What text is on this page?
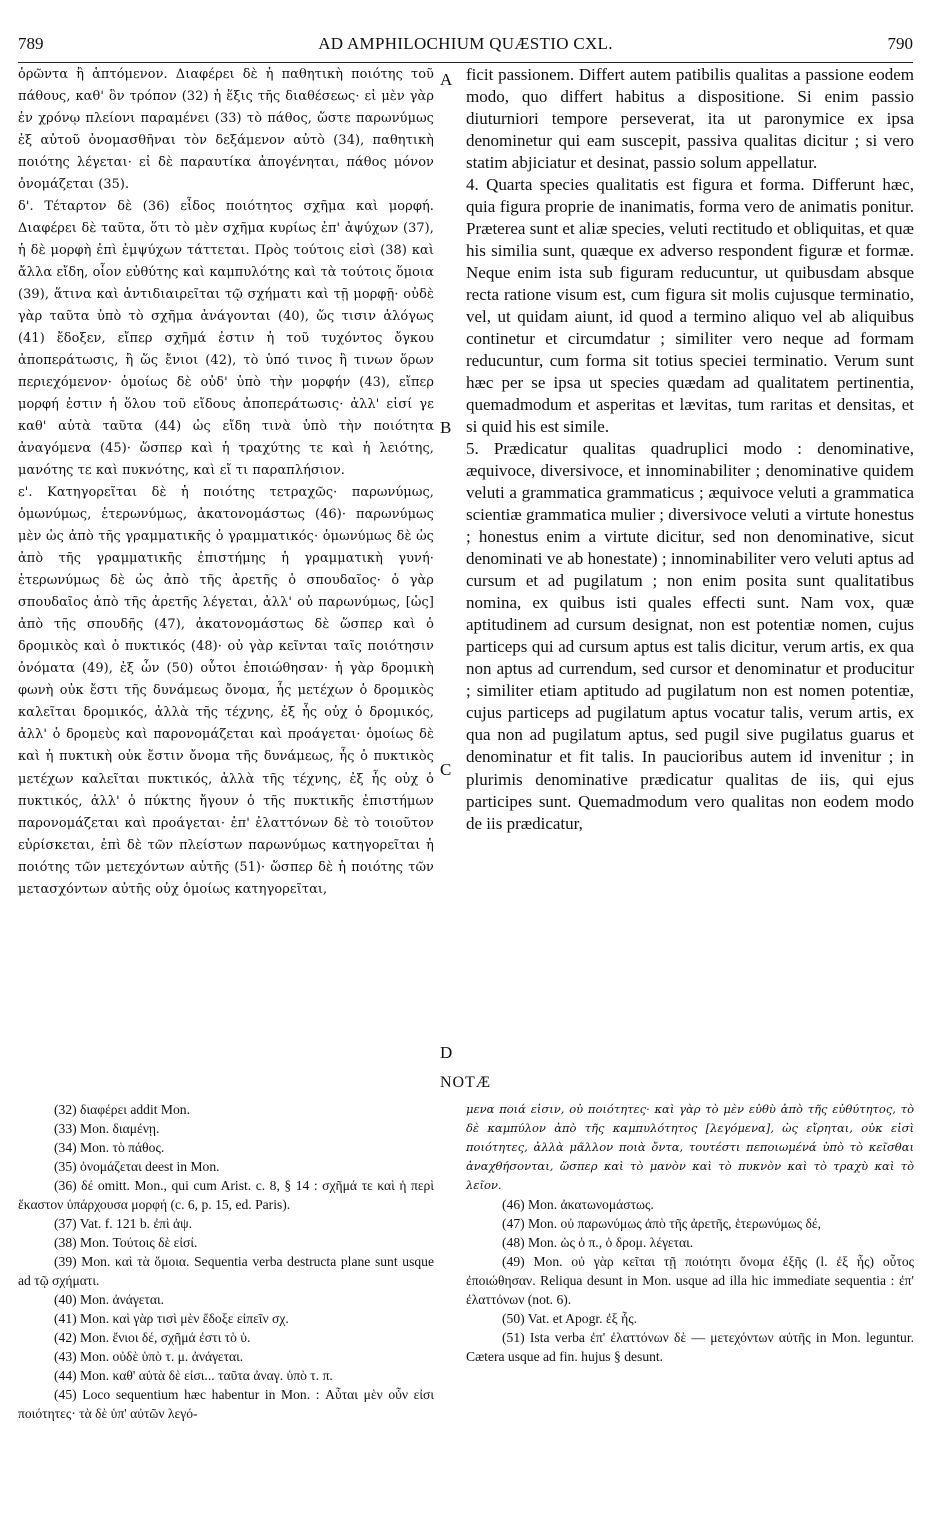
789	AD AMPHILOCHIUM QUÆSTIO CXL.	790

ὁρῶντα ἢ ἁπτόμενον. Διαφέρει δὲ ἡ παθητικὴ ποιότης τοῦ πάθους, καθ' ὃν τρόπον (32) ἡ ἕξις τῆς διαθέσεως· εἰ μὲν γὰρ ἐν χρόνῳ πλείονι παραμένει (33) τὸ πάθος, ὥστε παρωνύμως ἐξ αὐτοῦ ὀνομασθῆναι τὸν δεξάμενον αὐτὸ (34), παθητικὴ ποιότης λέγεται· εἰ δὲ παραυτίκα ἀπογένηται, πάθος μόνον ὀνομάζεται (35).

δ'. Τέταρτον δὲ (36) εἶδος ποιότητος σχῆμα καὶ μορφή. Διαφέρει δὲ ταῦτα, ὅτι τὸ μὲν σχῆμα κυρίως ἐπ' ἀψύχων (37), ἡ δὲ μορφὴ ἐπὶ ἐμψύχων τάττεται. Πρὸς τούτοις εἰσὶ (38) καὶ ἄλλα εἴδη, οἷον εὐθύτης καὶ καμπυλότης καὶ τὰ τούτοις ὅμοια (39), ἅτινα καὶ ἀντιδιαιρεῖται τῷ σχήματι καὶ τῇ μορφῇ· οὐδὲ γὰρ ταῦτα ὑπὸ τὸ σχῆμα ἀνάγονται (40), ὥς τισιν ἀλόγως (41) ἔδοξεν, εἴπερ σχῆμά ἐστιν ἡ τοῦ τυχόντος ὄγκου ἀποπεράτωσις, ἢ ὥς ἔνιοι (42), τὸ ὑπό τινος ἢ τινων ὅρων περιεχόμενον· ὁμοίως δὲ οὐδ' ὑπὸ τὴν μορφήν (43), εἴπερ μορφή ἐστιν ἡ ὅλου τοῦ εἴδους ἀποπεράτωσις· ἀλλ' εἰσί γε καθ' αὑτὰ ταῦτα (44) ὡς εἴδη τινὰ ὑπὸ τὴν ποιότητα ἀναγόμενα (45)· ὥσπερ καὶ ἡ τραχύτης τε καὶ ἡ λειότης, μανότης τε καὶ πυκνότης, καὶ εἴ τι παραπλήσιον.

ε'. Κατηγορεῖται δὲ ἡ ποιότης τετραχῶς· παρωνύμως, ὁμωνύμως, ἑτερωνύμως, ἀκατονομάστως (46)· παρωνύμως μὲν ὡς ἀπὸ τῆς γραμματικῆς ὁ γραμματικός· ὁμωνύμως δὲ ὡς ἀπὸ τῆς γραμματικῆς ἐπιστήμης ἡ γραμματικὴ γυνή· ἑτερωνύμως δὲ ὡς ἀπὸ τῆς ἀρετῆς ὁ σπουδαῖος· ὁ γὰρ σπουδαῖος ἀπὸ τῆς ἀρετῆς λέγεται, ἀλλ' οὐ παρωνύμως, [ὡς] ἀπὸ τῆς σπουδῆς (47), ἀκατονομάστως δὲ ὥσπερ καὶ ὁ δρομικὸς καὶ ὁ πυκτικός (48)· οὐ γὰρ κεῖνται ταῖς ποιότησιν ὀνόματα (49), ἐξ ὧν (50) οὗτοι ἐποιώθησαν· ἡ γὰρ δρομικὴ φωνὴ οὐκ ἔστι τῆς δυνάμεως ὄνομα, ἧς μετέχων ὁ δρομικὸς καλεῖται δρομικός, ἀλλὰ τῆς τέχνης, ἐξ ἧς οὐχ ὁ δρομικός, ἀλλ' ὁ δρομεὺς καὶ παρονομάζεται καὶ προάγεται· ὁμοίως δὲ καὶ ἡ πυκτικὴ οὐκ ἔστιν ὄνομα τῆς δυνάμεως, ἧς ὁ πυκτικὸς μετέχων καλεῖται πυκτικός, ἀλλὰ τῆς τέχνης, ἐξ ἧς οὐχ ὁ πυκτικός, ἀλλ' ὁ πύκτης ἤγουν ὁ τῆς πυκτικῆς ἐπιστήμων παρονομάζεται καὶ προάγεται· ἐπ' ἐλαττόνων δὲ τὸ τοιοῦτον εὑρίσκεται, ἐπὶ δὲ τῶν πλείστων παρωνύμως κατηγορεῖται ἡ ποιότης τῶν μετεχόντων αὐτῆς (51)· ὥσπερ δὲ ἡ ποιότης τῶν μετασχόντων αὐτῆς οὐχ ὁμοίως κατηγορεῖται,

A
B
C
D

ficit passionem. Differt autem patibilis qualitas a passione eodem modo, quo differt habitus a dispositione. Si enim passio diuturniori tempore perseverat, ita ut paronymice ex ipsa denominetur qui eam suscepit, passiva qualitas dicitur ; si vero statim abjiciatur et desinat, passio solum appellatur.

4. Quarta species qualitatis est figura et forma. Differunt hæc, quia figura proprie de inanimatis, forma vero de animatis ponitur. Præterea sunt et aliæ species, veluti rectitudo et obliquitas, et quæ his similia sunt, quæque ex adverso respondent figuræ et formæ. Neque enim ista sub figuram reducuntur, ut quibusdam absque recta ratione visum est, cum figura sit molis cujusque terminatio, vel, ut quidam aiunt, id quod a termino aliquo vel ab aliquibus continetur et circumdatur ; similiter vero neque ad formam reducuntur, cum forma sit totius speciei terminatio. Verum sunt hæc per se ipsa ut species quædam ad qualitatem pertinentia, quemadmodum et asperitas et lævitas, tum raritas et densitas, et si quid his est simile.

5. Prædicatur qualitas quadruplici modo : denominative, æquivoce, diversivoce, et innominabiliter ; denominative quidem veluti a grammatica grammaticus ; æquivoce veluti a grammatica scientiæ grammatica mulier ; diversivoce veluti a virtute honestus ; honestus enim a virtute dicitur, sed non denominative, sicut denominati ve ab honestate) ; innominabiliter vero veluti aptus ad cursum et ad pugilatum ; non enim posita sunt qualitatibus nomina, ex quibus isti quales effecti sunt. Nam vox, quæ aptitudinem ad cursum designat, non est potentiæ nomen, cujus particeps qui ad cursum aptus est talis dicitur, verum artis, ex qua non aptus ad currendum, sed cursor et denominatur et producitur ; similiter etiam aptitudo ad pugilatum non est nomen potentiæ, cujus particeps ad pugilatum aptus vocatur talis, verum artis, ex qua non ad pugilatum aptus, sed pugil sive pugilatus guarus et denominatur et fit talis. In paucioribus autem id invenitur ; in plurimis denominative prædicatur qualitas de iis, qui ejus participes sunt. Quemadmodum vero qualitas non eodem modo de iis prædicatur,

NOTÆ
(32) διαφέρει addit Mon.
(33) Mon. διαμένῃ.
(34) Mon. τὸ πάθος.
(35) ὀνομάζεται deest in Mon.
(36) δέ omitt. Mon., qui cum Arist. c. 8, § 14 : σχῆμά τε καὶ ἡ περὶ ἕκαστον ὑπάρχουσα μορφή (c. 6, p. 15, ed. Paris).
(37) Vat. f. 121 b. ἐπὶ ἀψ.
(38) Mon. Τούτοις δὲ εἰσί.
(39) Mon. καὶ τὰ ὅμοια. Sequentia verba destructa plane sunt usque ad τῷ σχήματι.
(40) Mon. ἀνάγεται.
(41) Mon. καὶ γὰρ τισὶ μὲν ἔδοξε εἰπεῖν σχ.
(42) Mon. ἔνιοι δέ, σχῆμά ἐστι τὸ ὑ.
(43) Mon. οὐδὲ ὑπὸ τ. μ. ἀνάγεται.
(44) Mon. καθ' αὑτὰ δὲ εἰσι... ταῦτα ἀναγ. ὑπὸ τ. π.
(45) Loco sequentium hæc habentur in Mon. : Αὗται μὲν οὖν εἰσι ποιότητες· τὰ δὲ ὑπ' αὐτῶν λεγό-
μενα ποιά εἰσιν, οὐ ποιότητες· καὶ γὰρ τὸ μὲν εὐθὺ ἀπὸ τῆς εὐθύτητος, τὸ δὲ καμπύλον ἀπὸ τῆς καμπυλότητος [λεγόμενα], ὡς εἴρηται, οὐκ εἰσὶ ποιότητες, ἀλλὰ μᾶλλον ποιὰ ὄντα, τουτέστι πεποιωμένά ὑπὸ τὸ κεῖσθαι ἀναχθήσονται, ὥσπερ καὶ τὸ μανὸν καὶ τὸ πυκνὸν καὶ τὸ τραχὺ καὶ τὸ λεῖον.
(46) Mon. ἀκατωνομάστως.
(47) Mon. οὐ παρωνύμως ἀπὸ τῆς ἀρετῆς, ἑτερωνύμως δέ,
(48) Mon. ὡς ὁ π., ὁ δρομ. λέγεται.
(49) Mon. οὐ γὰρ κεῖται τῇ ποιότητι ὄνομα ἐξῆς (l. ἐξ ἧς) οὗτος ἐποιώθησαν. Reliqua desunt in Mon. usque ad illa hic immediate sequentia : ἐπ' ἐλαττόνων (not. 6).
(50) Vat. et Apogr. ἐξ ἧς.
(51) Ista verba ἐπ' ἐλαττόνων δὲ — μετεχόντων αὐτῆς in Mon. leguntur. Cætera usque ad fin. hujus § desunt.
